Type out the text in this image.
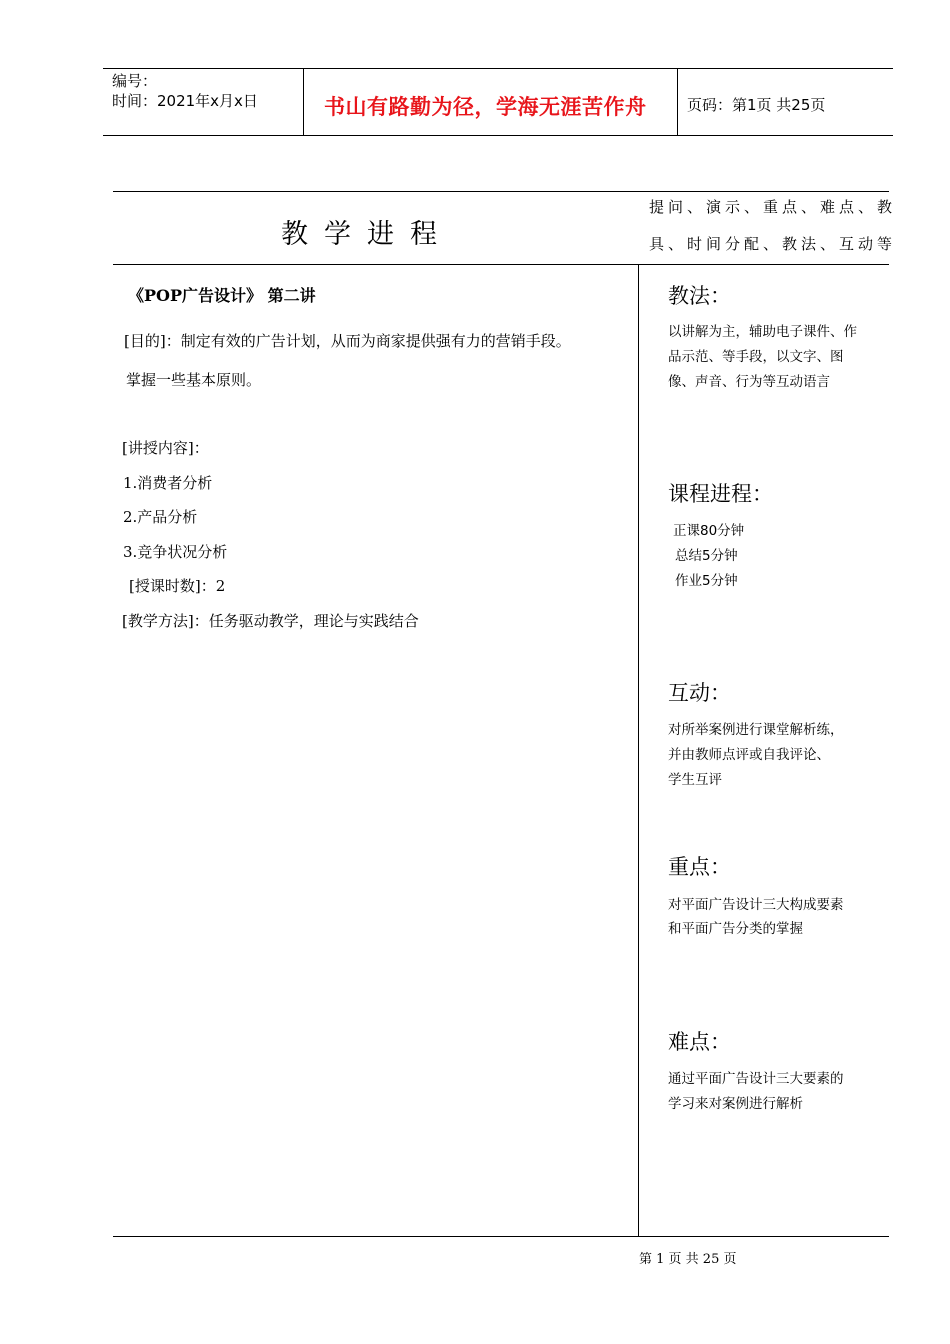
编号：
时间：2021年x月x日	书山有路勤为径，学海无涯苦作舟	页码：第1页 共25页
教学进程
提问、演示、重点、难点、教
具、时间分配、教法、互动等
《POP广告设计》 第二讲
[目的]：制定有效的广告计划，从而为商家提供强有力的营销手段。
掌握一些基本原则。
[讲授内容]：
1.消费者分析
2.产品分析
3.竞争状况分析
[授课时数]：2
[教学方法]：任务驱动教学，理论与实践结合
教法：
以讲解为主，辅助电子课件、作
品示范、等手段，以文字、图
像、声音、行为等互动语言
课程进程：
正课80分钟
总结5分钟
作业5分钟
互动：
对所举案例进行课堂解析练，
并由教师点评或自我评论、
学生互评
重点：
对平面广告设计三大构成要素
和平面广告分类的掌握
难点：
通过平面广告设计三大要素的
学习来对案例进行解析
第 1 页 共 25 页
